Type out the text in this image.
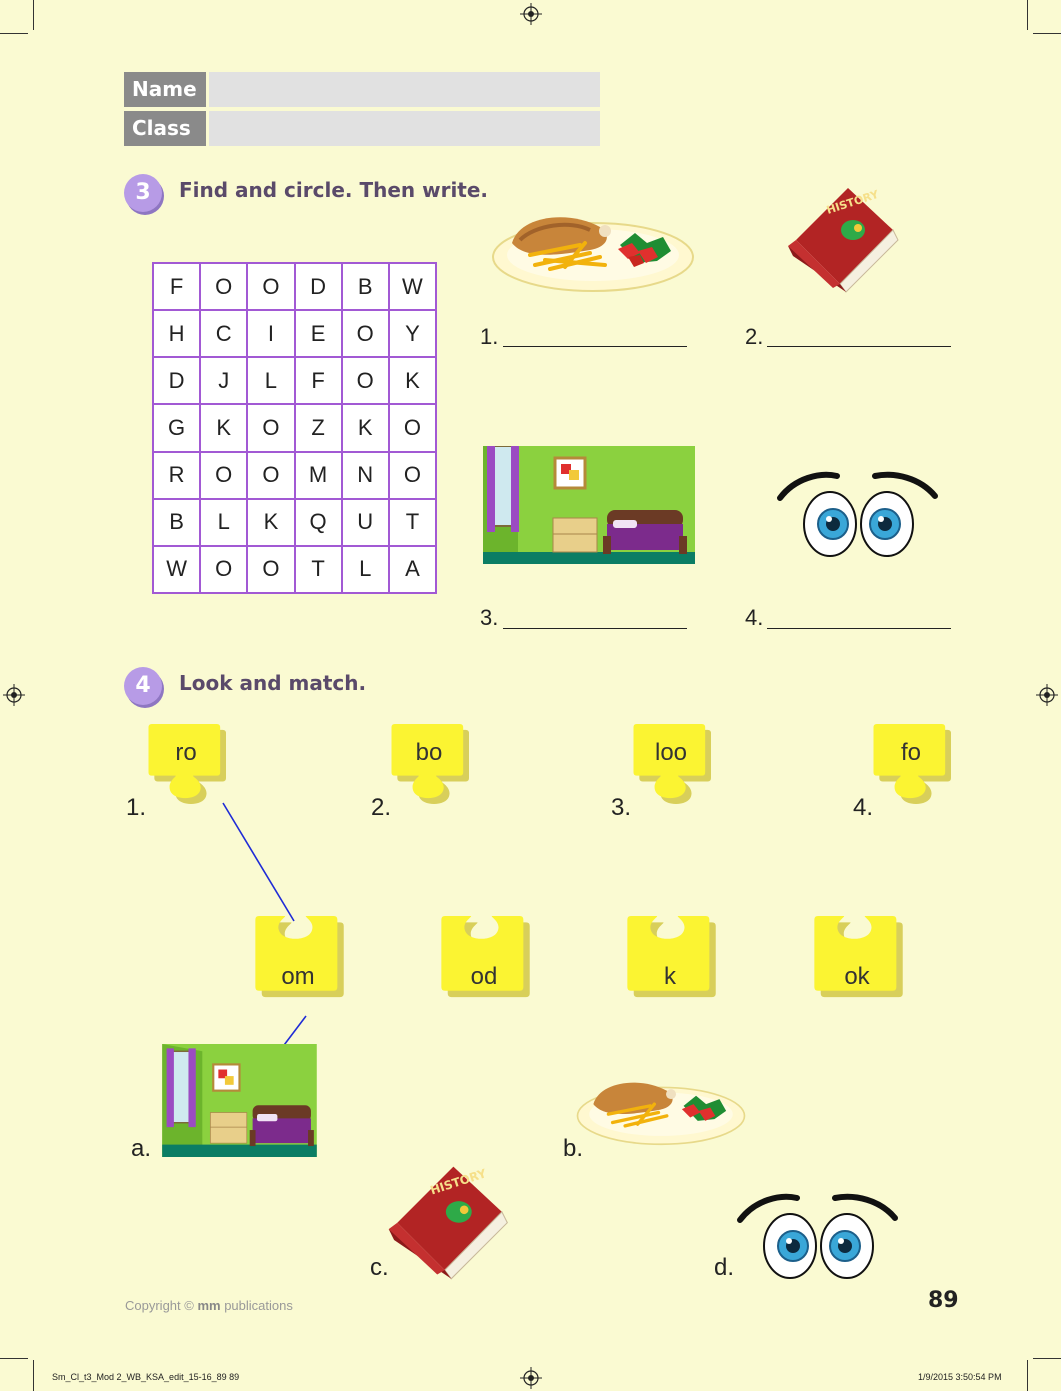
Name
Class
3	Find and circle. Then write.
F	O	O	D	B	W
H	C	I	E	O	Y
D	J	L	F	O	K
G	K	O	Z	K	O
R	O	O	M	N	O
B	L	K	Q	U	T
W	O	O	T	L	A
HISTORY
1.	2.
3.	4.
4	Look and match.
ro
1.
bo
2.
loo
3.
fo
4.
om	od	k	ok
a.	b.
HISTORY
c.	d.
Copyright © mm publications	89
Sm_Cl_t3_Mod 2_WB_KSA_edit_15-16_89 89	1/9/2015 3:50:54 PM
